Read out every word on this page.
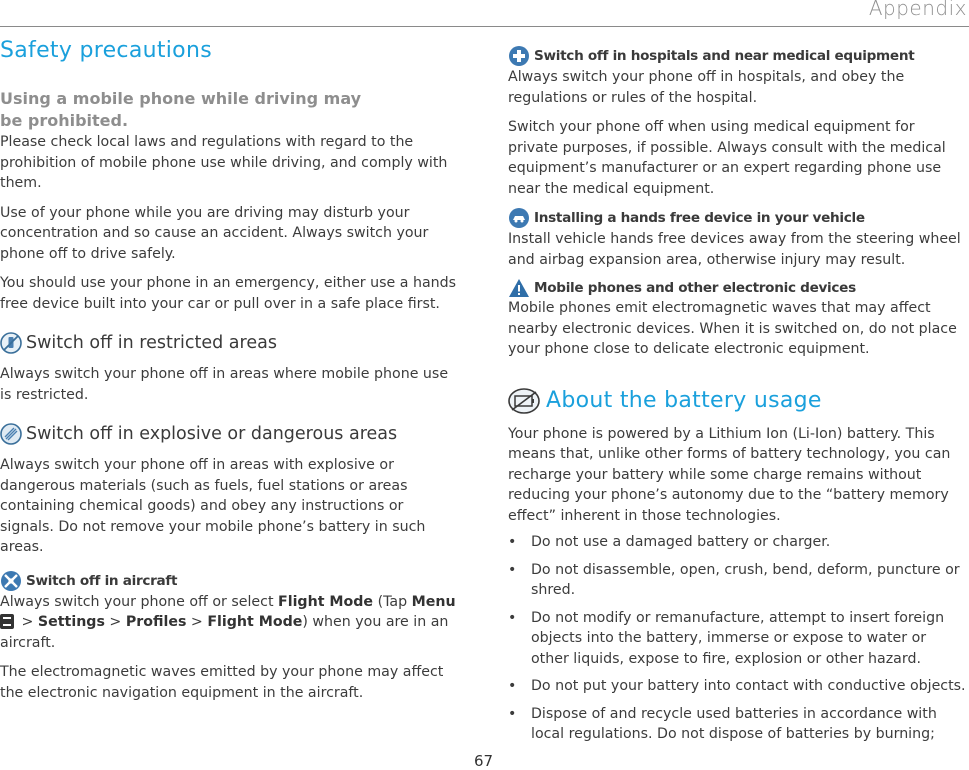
Appendix
Safety precautions
Using a mobile phone while driving may be prohibited.

Please check local laws and regulations with regard to the prohibition of mobile phone use while driving, and comply with them.

Use of your phone while you are driving may disturb your concentration and so cause an accident. Always switch your phone off to drive safely.

You should use your phone in an emergency, either use a hands free device built into your car or pull over in a safe place first.

Switch off in restricted areas

Always switch your phone off in areas where mobile phone use is restricted.

Switch off in explosive or dangerous areas

Always switch your phone off in areas with explosive or dangerous materials (such as fuels, fuel stations or areas containing chemical goods) and obey any instructions or signals. Do not remove your mobile phone’s battery in such areas.

Switch off in aircraft

Always switch your phone off or select Flight Mode (Tap Menu
> Settings > Profiles > Flight Mode) when you are in an aircraft.

The electromagnetic waves emitted by your phone may affect the electronic navigation equipment in the aircraft.

Switch off in hospitals and near medical equipment

Always switch your phone off in hospitals, and obey the regulations or rules of the hospital.

Switch your phone off when using medical equipment for private purposes, if possible. Always consult with the medical equipment’s manufacturer or an expert regarding phone use near the medical equipment.

Installing a hands free device in your vehicle

Install vehicle hands free devices away from the steering wheel and airbag expansion area, otherwise injury may result.

Mobile phones and other electronic devices

Mobile phones emit electromagnetic waves that may affect nearby electronic devices. When it is switched on, do not place your phone close to delicate electronic equipment.

About the battery usage

Your phone is powered by a Lithium Ion (Li-Ion) battery. This means that, unlike other forms of battery technology, you can recharge your battery while some charge remains without reducing your phone’s autonomy due to the “battery memory effect” inherent in those technologies.

• Do not use a damaged battery or charger.
• Do not disassemble, open, crush, bend, deform, puncture or shred.
• Do not modify or remanufacture, attempt to insert foreign objects into the battery, immerse or expose to water or other liquids, expose to fire, explosion or other hazard.
• Do not put your battery into contact with conductive objects.
• Dispose of and recycle used batteries in accordance with local regulations. Do not dispose of batteries by burning;
67
